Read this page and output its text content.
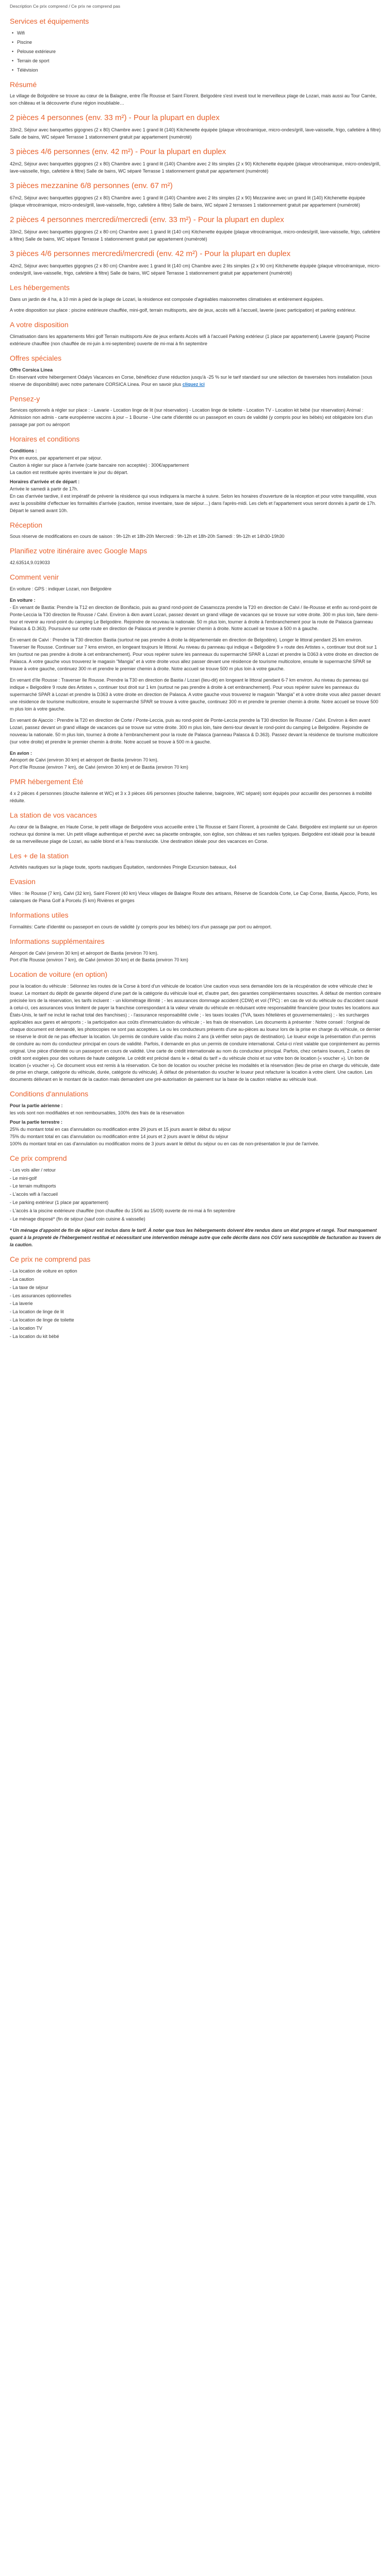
Description Ce prix comprend / Ce prix ne comprend pas
Services et équipements
• Wifi
• Piscine
• Pelouse extérieure
• Terrain de sport
• Télévision
Résumé

Le village de Bolgodère se trouve au cœur de la Balagne, entre l'Île Rousse et Saint Florent. Belgodère s'est investi tout le merveilleux plage de Lozari, mais aussi au Tour Carrée, son château et la découverte d'une région inoubliable…

2 pièces 4 personnes (env. 33 m²) - Pour la plupart en duplex

33m2, Séjour avec banquettes gigognes (2 x 80) Chambre avec 1 grand lit (140) Kitchenette équipée (plaque vitrocéramique, micro-ondes/grill, lave-vaisselle, frigo, cafetière à filtre) Salle de bains, WC séparé Terrasse 1 stationnement gratuit par appartement (numéroté)

3 pièces 4/6 personnes (env. 42 m²) - Pour la plupart en duplex

42m2, Séjour avec banquettes gigognes (2 x 80) Chambre avec 1 grand lit (140) Chambre avec 2 lits simples (2 x 90) Kitchenette équipée (plaque vitrocéramique, micro-ondes/grill, lave-vaisselle, frigo, cafetière à filtre) Salle de bains, WC séparé Terrasse 1 stationnement gratuit par appartement (numéroté)

3 pièces mezzanine 6/8 personnes (env. 67 m²)

67m2, Séjour avec banquettes gigognes (2 x 80) Chambre avec 1 grand lit (140) Chambre avec 2 lits simples (2 x 90) Mezzanine avec un grand lit (140) Kitchenette équipée (plaque vitrocéramique, micro-ondes/grill, lave-vaisselle, frigo, cafetière à filtre) Salle de bains, WC séparé 2 terrasses 1 stationnement gratuit par appartement (numéroté)

2 pièces 4 personnes mercredi/mercredi (env. 33 m²) - Pour la plupart en duplex

33m2, Séjour avec banquettes gigognes (2 x 80 cm) Chambre avec 1 grand lit (140 cm) Kitchenette équipée (plaque vitrocéramique, micro-ondes/grill, lave-vaisselle, frigo, cafetière à filtre) Salle de bains, WC séparé Terrasse 1 stationnement gratuit par appartement (numéroté)

3 pièces 4/6 personnes mercredi/mercredi (env. 42 m²) - Pour la plupart en duplex

42m2, Séjour avec banquettes gigognes (2 x 80 cm) Chambre avec 1 grand lit (140 cm) Chambre avec 2 lits simples (2 x 90 cm) Kitchenette équipée (plaque vitrocéramique, micro-ondes/grill, lave-vaisselle, frigo, cafetière à filtre) Salle de bains, WC séparé Terrasse 1 stationnement gratuit par appartement (numéroté)

Les hébergements

Dans un jardin de 4 ha, à 10 min à pied de la plage de Lozari, la résidence est composée d'agréables maisonnettes climatisées et entièrement équipées.

A votre disposition sur place : piscine extérieure chauffée, mini-golf, terrain multisports, aire de jeux, accès wifi à l'accueil, laverie (avec participation) et parking extérieur.

A votre disposition

Climatisation dans les appartements Mini golf Terrain multisports Aire de jeux enfants Accès wifi à l'accueil Parking extérieur (1 place par appartement) Laverie (payant) Piscine extérieure chauffée (non chauffée de mi-juin à mi-septembre) ouverte de mi-mai à fin septembre

Offres spéciales
Offre Corsica Linea

En réservant votre hébergement Odalys Vacances en Corse, bénéficiez d'une réduction jusqu'à -25 % sur le tarif standard sur une sélection de traversées hors installation (sous réserve de disponibilité) avec notre partenaire CORSICA Linea. Pour en savoir plus cliquez ici

Pensez-y

Services optionnels à régler sur place : - Lavarie - Location linge de lit (sur réservation) - Location linge de toilette - Location TV - Location kit bébé (sur réservation) Animal : Admission non admis - carte européenne vaccins à jour – 1 Bourse - Une carte d'identité ou un passeport en cours de validité (y compris pour les bébés) est obligatoire lors d'un passage par port ou aéroport

Horaires et conditions
Conditions :
Prix en euros, par appartement et par séjour.
Caution à régler sur place à l'arrivée (carte bancaire non acceptée) : 300€/appartement
La caution est restituée après inventaire le jour du départ.
Horaires d'arrivée et de départ :
Arrivée le samedi à partir de 17h.
En cas d'arrivée tardive, il est impératif de prévenir la résidence qui vous indiquera la marche à suivre. Selon les horaires d'ouverture de la réception et pour votre tranquillité, vous avez la possibilité d'effectuer les formalités d'arrivée (caution, remise inventaire, taxe de séjour…) dans l'après-midi. Les clefs et l'appartement vous seront donnés à partir de 17h.
Départ le samedi avant 10h.
Réception

Sous réserve de modifications en cours de saison : 9h-12h et 18h-20h Mercredi : 9h-12h et 18h-20h Samedi : 9h-12h et 14h30-19h30

Planifiez votre itinéraire avec Google Maps

42.63514,9.019033

Comment venir

En voiture : GPS : indiquer Lozari, non Belgodère

En voiture :

- En venant de Bastia: Prendre la T12 en direction de Bonifacio, puis au grand rond-point de Casamozza prendre la T20 en direction de Calvi / Ile-Rousse et enfin au rond-point de Ponte-Leccia la T30 direction Ile Rousse / Calvi. Environ à 4km avant Lozari, passez devant un grand village de vacances qui se trouve sur votre droite. 300 m plus loin, faire demi-tour et revenir au rond-point du camping Le Belgodère. Rejoindre de nouveau la nationale. 50 m plus loin, tourner à droite à l'embranchement pour la route de Palasca (panneau Palasca & D.363). Poursuivre sur cette route en direction de Palasca et prendre le premier chemin à droite. Notre accueil se trouve à 500 m à gauche.

En venant de Calvi : Prendre la T30 direction Bastia (surtout ne pas prendre à droite la départementale en direction de Belgodère). Longer le littoral pendant 25 km environ. Traverser Ile Rousse. Continuer sur 7 kms environ, en longeant toujours le littoral. Au niveau du panneau qui indique « Belgodère 9 » route des Artistes », continuer tout droit sur 1 km (surtout ne pas prendre à droite à cet embranchement). Pour vous repérer suivre les panneaux du supermarché SPAR à Lozari et prendre la D363 à votre droite en direction de Palasca. A votre gauche vous trouverez le magasin "Mangia" et à votre droite vous allez passer devant une résidence de tourisme multicolore, ensuite le supermarché SPAR se trouve à votre gauche, continuez 300 m et prendre le premier chemin à droite. Notre accueil se trouve 500 m plus loin à votre gauche.

En venant d'Ile Rousse : Traverser Ile Rousse. Prendre la T30 en direction de Bastia / Lozari (lieu-dit) en longeant le littoral pendant 6-7 km environ. Au niveau du panneau qui indique « Belgodère 9 route des Artistes », continuer tout droit sur 1 km (surtout ne pas prendre à droite à cet embranchement). Pour vous repérer suivre les panneaux du supermarché SPAR à Lozari et prendre la D363 à votre droite en direction de Palasca. A votre gauche vous trouverez le magasin "Mangia" et à votre droite vous allez passer devant une résidence de tourisme multicolore, ensuite le supermarché SPAR se trouve à votre gauche, continuez 300 m et prendre le premier chemin à droite. Notre accueil se trouve 500 m plus loin à votre gauche.

En venant de Ajaccio : Prendre la T20 en direction de Corte / Ponte-Leccia, puis au rond-point de Ponte-Leccia prendre la T30 direction Ile Rousse / Calvi. Environ à 4km avant Lozari, passez devant un grand village de vacances qui se trouve sur votre droite. 300 m plus loin, faire demi-tour devant le rond-point du camping Le Belgodère. Rejoindre de nouveau la nationale. 50 m plus loin, tournez à droite à l'embranchement pour la route de Palasca (panneau Palasca & D.363). Passez devant la résidence de tourisme multicolore (sur votre droite) et prendre le premier chemin à droite. Notre accueil se trouve à 500 m à gauche.

En avion :
Aéroport de Calvi (environ 30 km) et aéroport de Bastia (environ 70 km).
Port d'Ile Rousse (environ 7 km), de Calvi (environ 30 km) et de Bastia (environ 70 km)
PMR hébergement Été

4 x 2 pièces 4 personnes (douche italienne et WC) et 3 x 3 pièces 4/6 personnes (douche italienne, baignoire, WC séparé) sont équipés pour accueillir des personnes à mobilité réduite.

La station de vos vacances

Au cœur de la Balagne, en Haute Corse, le petit village de Belgodère vous accueille entre L'Ile Rousse et Saint Florent, à proximité de Calvi. Belgodère est implanté sur un éperon rocheux qui domine la mer. Un petit village authentique et perché avec sa placette ombragée, son église, son château et ses ruelles typiques. Belgodère est idéalé pour la beauté de sa merveilleuse plage de Lozari, au sable blond et à l'eau translucide. Une destination idéale pour des vacances en Corse.

Les + de la station

Activités nautiques sur la plage toute, sports nautiques Équitation, randonnées Pringle Excursion bateaux, 4x4

Evasion

Villes : Ile Rousse (7 km), Calvi (32 km), Saint Florent (40 km) Vieux villages de Balagne Route des artisans, Réserve de Scandola Corte, Le Cap Corse, Bastia, Ajaccio, Porto, les calanques de Piana Golf à Porcelu (5 km) Rivières et gorges

Informations utiles

Formalités: Carte d'identité ou passeport en cours de validité (y compris pour les bébés) lors d'un passage par port ou aéroport.

Informations supplémentaires
Aéroport de Calvi (environ 30 km) et aéroport de Bastia (environ 70 km).
Port d'Ile Rousse (environ 7 km), de Calvi (environ 30 km) et de Bastia (environ 70 km)
Location de voiture (en option)

pour la location du véhicule : Sélonnez les routes de la Corse à bord d'un véhicule de location Une caution vous sera demandée lors de la récupération de votre véhicule chez le loueur. Le montant du dépôt de garantie dépend d'une part de la catégorie du véhicule loué et, d'autre part, des garanties complémentaires souscrites. À défaut de mention contraire précisée lors de la réservation, les tarifs incluent : - un kilométrage illimité ; - les assurances dommage accident (CDW) et vol (TPC) : en cas de vol du véhicule ou d'accident causé à celui-ci, ces assurances vous limitent de payer la franchise correspondant à la valeur vénale du véhicule en réduisant votre responsabilité financière (pour toutes les locations aux États-Unis, le tarif ne inclut le rachat total des franchises) ; - l'assurance responsabilité civile ; - les taxes locales (TVA, taxes hôtelières et gouvernementales) ; - les surcharges applicables aux gares et aéroports ; - la participation aux coûts d'immatriculation du véhicule ; - les frais de réservation. Les documents à présenter : Notre conseil : l'original de chaque document est demandé, les photocopies ne sont pas acceptées. Le ou les conducteurs présents d'une au-pièces au loueur lors de la prise en charge du véhicule, ce dernier se réserve le droit de ne pas effectuer la location. Un permis de conduire valide d'au moins 2 ans (à vérifier selon pays de destination). Le loueur exige la présentation d'un permis de conduire au nom du conducteur principal en cours de validité. Parfois, il demande en plus un permis de conduire international. Celui-ci n'est valable que conjointement au permis original. Une pièce d'identité ou un passeport en cours de validité. Une carte de crédit internationale au nom du conducteur principal. Parfois, chez certains loueurs, 2 cartes de crédit sont exigées pour des voitures de haute catégorie. Le crédit est précisé dans le « détail du tarif » du véhicule choisi et sur votre bon de location (« voucher »). Un bon de location (« voucher »). Ce document vous est remis à la réservation. Ce bon de location ou voucher précise les modalités et la réservation (lieu de prise en charge du véhicule, date de prise en charge, catégorie du véhicule, durée, catégorie du véhicule). À défaut de présentation du voucher le loueur peut refacturer la location à votre client. Une caution. Les documents délivrant en le montant de la caution mais demandent une pré-autorisation de paiement sur la base de la caution relative au véhicule loué.

Conditions d'annulations
Pour la partie aérienne :
les vols sont non modifiables et non remboursables, 100% des frais de la réservation
Pour la partie terrestre :
25% du montant total en cas d'annulation ou modification entre 29 jours et 15 jours avant le début du séjour
75% du montant total en cas d'annulation ou modification entre 14 jours et 2 jours avant le début du séjour
100% du montant total en cas d'annulation ou modification moins de 3 jours avant le début du séjour ou en cas de non-présentation le jour de l'arrivée.
Ce prix comprend
- Les vols aller / retour
- Le mini-golf
- Le terrain multisports
- L'accès wifi à l'accueil
- Le parking extérieur (1 place par appartement)
- L'accès à la piscine extérieure chauffée (non chauffée du 15/06 au 15/09) ouverte de mi-mai à fin septembre
- Le ménage disposé* (fin de séjour (sauf coin cuisine & vaisselle)

* Un ménage d'appoint de fin de séjour est inclus dans le tarif. À noter que tous les hébergements doivent être rendus dans un état propre et rangé. Tout manquement quant à la propreté de l'hébergement restitué et nécessitant une intervention ménage autre que celle décrite dans nos CGV sera susceptible de facturation au travers de la caution.

Ce prix ne comprend pas
- La location de voiture en option
- La caution
- La taxe de séjour
- Les assurances optionnelles
- La laverie
- La location de linge de lit
- La location de linge de toilette
- La location TV
- La location du kit bébé
